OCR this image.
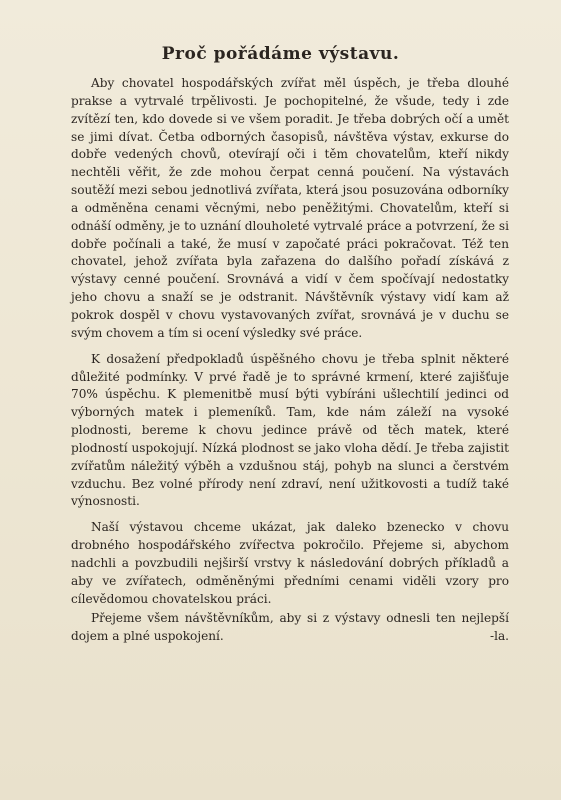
Proč pořádáme výstavu.

Aby chovatel hospodářských zvířat měl úspěch, je třeba dlouhé prakse a vytrvalé trpělivosti. Je pochopitelné, že všude, tedy i zde zvítězí ten, kdo dovede si ve všem poradit. Je třeba dobrých očí a umět se jimi dívat. Četba odborných časopisů, návštěva výstav, exkurse do dobře vedených chovů, otevírají oči i těm chovatelům, kteří nikdy nechtěli věřit, že zde mohou čerpat cenná poučení. Na výstavách soutěží mezi sebou jednotlivá zvířata, která jsou posuzována odborníky a odměněna cenami věcnými, nebo peněžitými. Chovatelům, kteří si odnáší odměny, je to uznání dlouholeté vytrvalé práce a potvrzení, že si dobře počínali a také, že musí v započaté práci pokračovat. Též ten chovatel, jehož zvířata byla zařazena do dalšího pořadí získává z výstavy cenné poučení. Srovnává a vidí v čem spočívají nedostatky jeho chovu a snaží se je odstranit. Návštěvník výstavy vidí kam až pokrok dospěl v chovu vystavovaných zvířat, srovnává je v duchu se svým chovem a tím si ocení výsledky své práce.

K dosažení předpokladů úspěšného chovu je třeba splnit některé důležité podmínky. V prvé řadě je to správné krmení, které zajišťuje 70% úspěchu. K plemenitbě musí býti vybíráni ušlechtilí jedinci od výborných matek i plemeníků. Tam, kde nám záleží na vysoké plodnosti, bereme k chovu jedince právě od těch matek, které plodností uspokojují. Nízká plodnost se jako vloha dědí. Je třeba zajistit zvířatům náležitý výběh a vzdušnou stáj, pohyb na slunci a čerstvém vzduchu. Bez volné přírody není zdraví, není užitkovosti a tudíž také výnosnosti.

Naší výstavou chceme ukázat, jak daleko bzenecko v chovu drobného hospodářského zvířectva pokročilo. Přejeme si, abychom nadchli a povzbudili nejširší vrstvy k následování dobrých příkladů a aby ve zvířatech, odměněnými předními cenami viděli vzory pro cílevědomou chovatelskou práci.

Přejeme všem návštěvníkům, aby si z výstavy odnesli ten nejlepší dojem a plné uspokojení.	-la.
